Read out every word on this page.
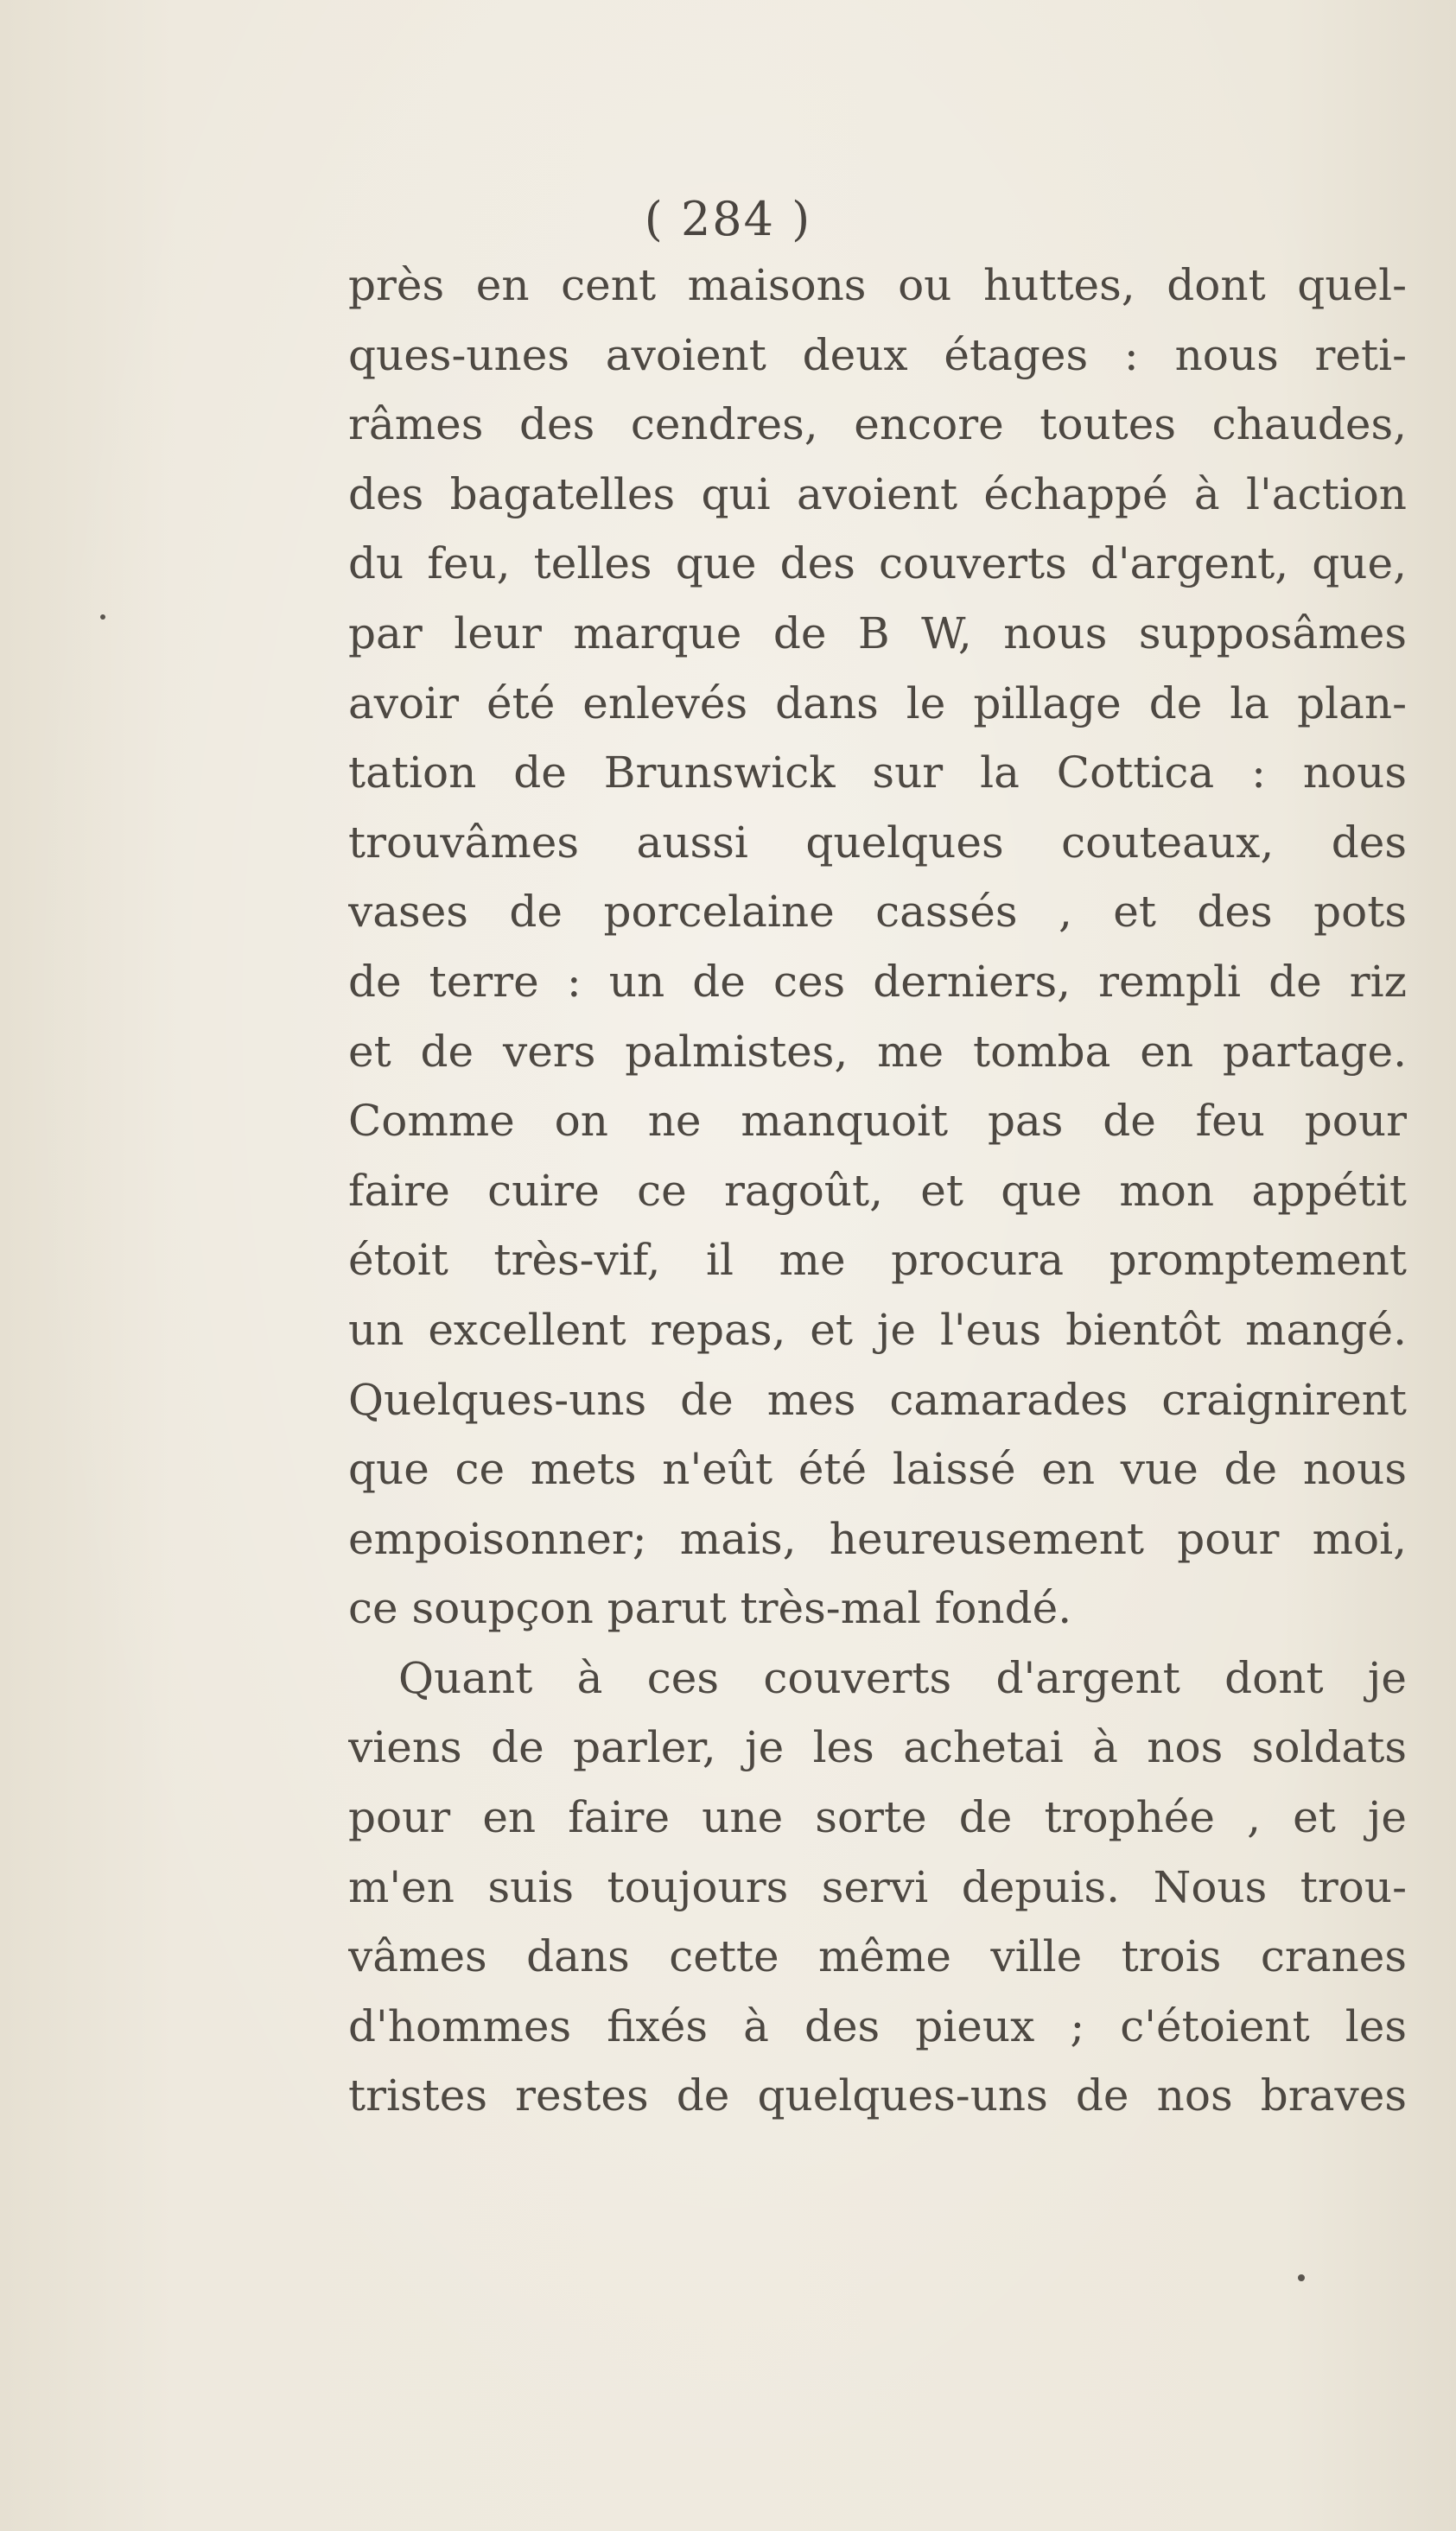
( 284 )
près en cent maisons ou huttes, dont quel-
ques-unes avoient deux étages : nous reti-
râmes des cendres, encore toutes chaudes,
des bagatelles qui avoient échappé à l'action
du feu, telles que des couverts d'argent, que,
par leur marque de B W, nous supposâmes
avoir été enlevés dans le pillage de la plan-
tation de Brunswick sur la Cottica : nous
trouvâmes aussi quelques couteaux, des
vases de porcelaine cassés , et des pots
de terre : un de ces derniers, rempli de riz
et de vers palmistes, me tomba en partage.
Comme on ne manquoit pas de feu pour
faire cuire ce ragoût, et que mon appétit
étoit très-vif, il me procura promptement
un excellent repas, et je l'eus bientôt mangé.
Quelques-uns de mes camarades craignirent
que ce mets n'eût été laissé en vue de nous
empoisonner; mais, heureusement pour moi,
ce soupçon parut très-mal fondé.
Quant à ces couverts d'argent dont je
viens de parler, je les achetai à nos soldats
pour en faire une sorte de trophée , et je
m'en suis toujours servi depuis. Nous trou-
vâmes dans cette même ville trois cranes
d'hommes fixés à des pieux ; c'étoient les
tristes restes de quelques-uns de nos braves
